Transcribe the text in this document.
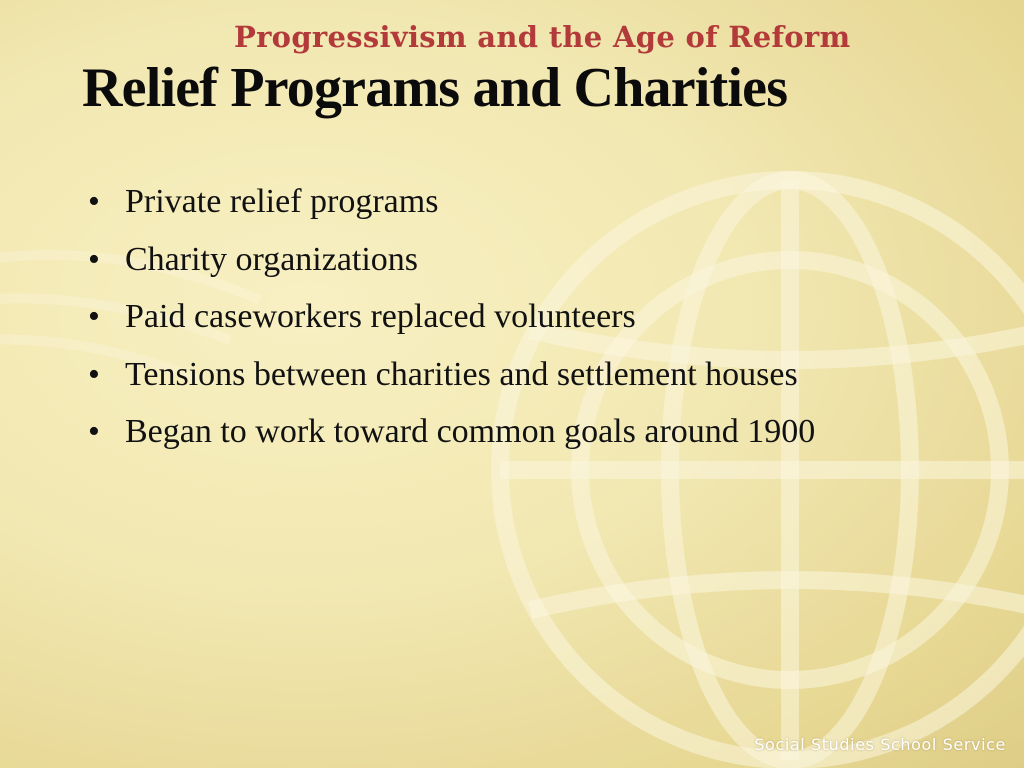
Progressivism and the Age of Reform
Relief Programs and Charities
• Private relief programs
• Charity organizations
• Paid caseworkers replaced volunteers
• Tensions between charities and settlement houses
• Began to work toward common goals around 1900
Social Studies School Service
